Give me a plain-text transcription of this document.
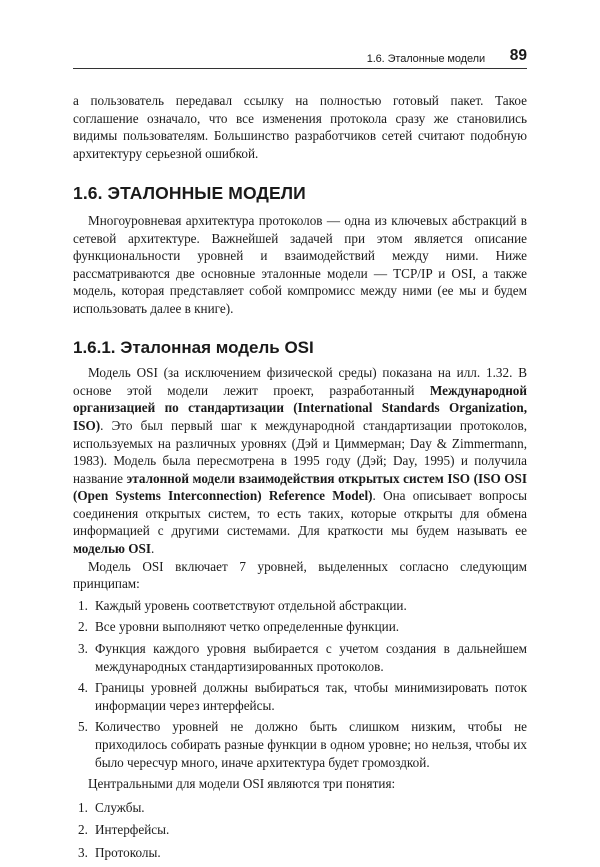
1.6. Эталонные модели 89

а пользователь передавал ссылку на полностью готовый пакет. Такое соглашение означало, что все изменения протокола сразу же становились видимы пользователям. Большинство разработчиков сетей считают подобную архитектуру серьезной ошибкой.

1.6. ЭТАЛОННЫЕ МОДЕЛИ

Многоуровневая архитектура протоколов — одна из ключевых абстракций в сетевой архитектуре. Важнейшей задачей при этом является описание функциональности уровней и взаимодействий между ними. Ниже рассматриваются две основные эталонные модели — TCP/IP и OSI, а также модель, которая представляет собой компромисс между ними (ее мы и будем использовать далее в книге).

1.6.1. Эталонная модель OSI

Модель OSI (за исключением физической среды) показана на илл. 1.32. В основе этой модели лежит проект, разработанный Международной организацией по стандартизации (International Standards Organization, ISO). Это был первый шаг к международной стандартизации протоколов, используемых на различных уровнях (Дэй и Циммерман; Day & Zimmermann, 1983). Модель была пересмотрена в 1995 году (Дэй; Day, 1995) и получила название эталонной модели взаимодействия открытых систем ISO (ISO OSI (Open Systems Interconnection) Reference Model). Она описывает вопросы соединения открытых систем, то есть таких, которые открыты для обмена информацией с другими системами. Для краткости мы будем называть ее моделью OSI.

Модель OSI включает 7 уровней, выделенных согласно следующим принципам:

1. Каждый уровень соответствуют отдельной абстракции.
2. Все уровни выполняют четко определенные функции.
3. Функция каждого уровня выбирается с учетом создания в дальнейшем международных стандартизированных протоколов.
4. Границы уровней должны выбираться так, чтобы минимизировать поток информации через интерфейсы.
5. Количество уровней не должно быть слишком низким, чтобы не приходилось собирать разные функции в одном уровне; но нельзя, чтобы их было чересчур много, иначе архитектура будет громоздкой.

Центральными для модели OSI являются три понятия:

1. Службы.
2. Интерфейсы.
3. Протоколы.
